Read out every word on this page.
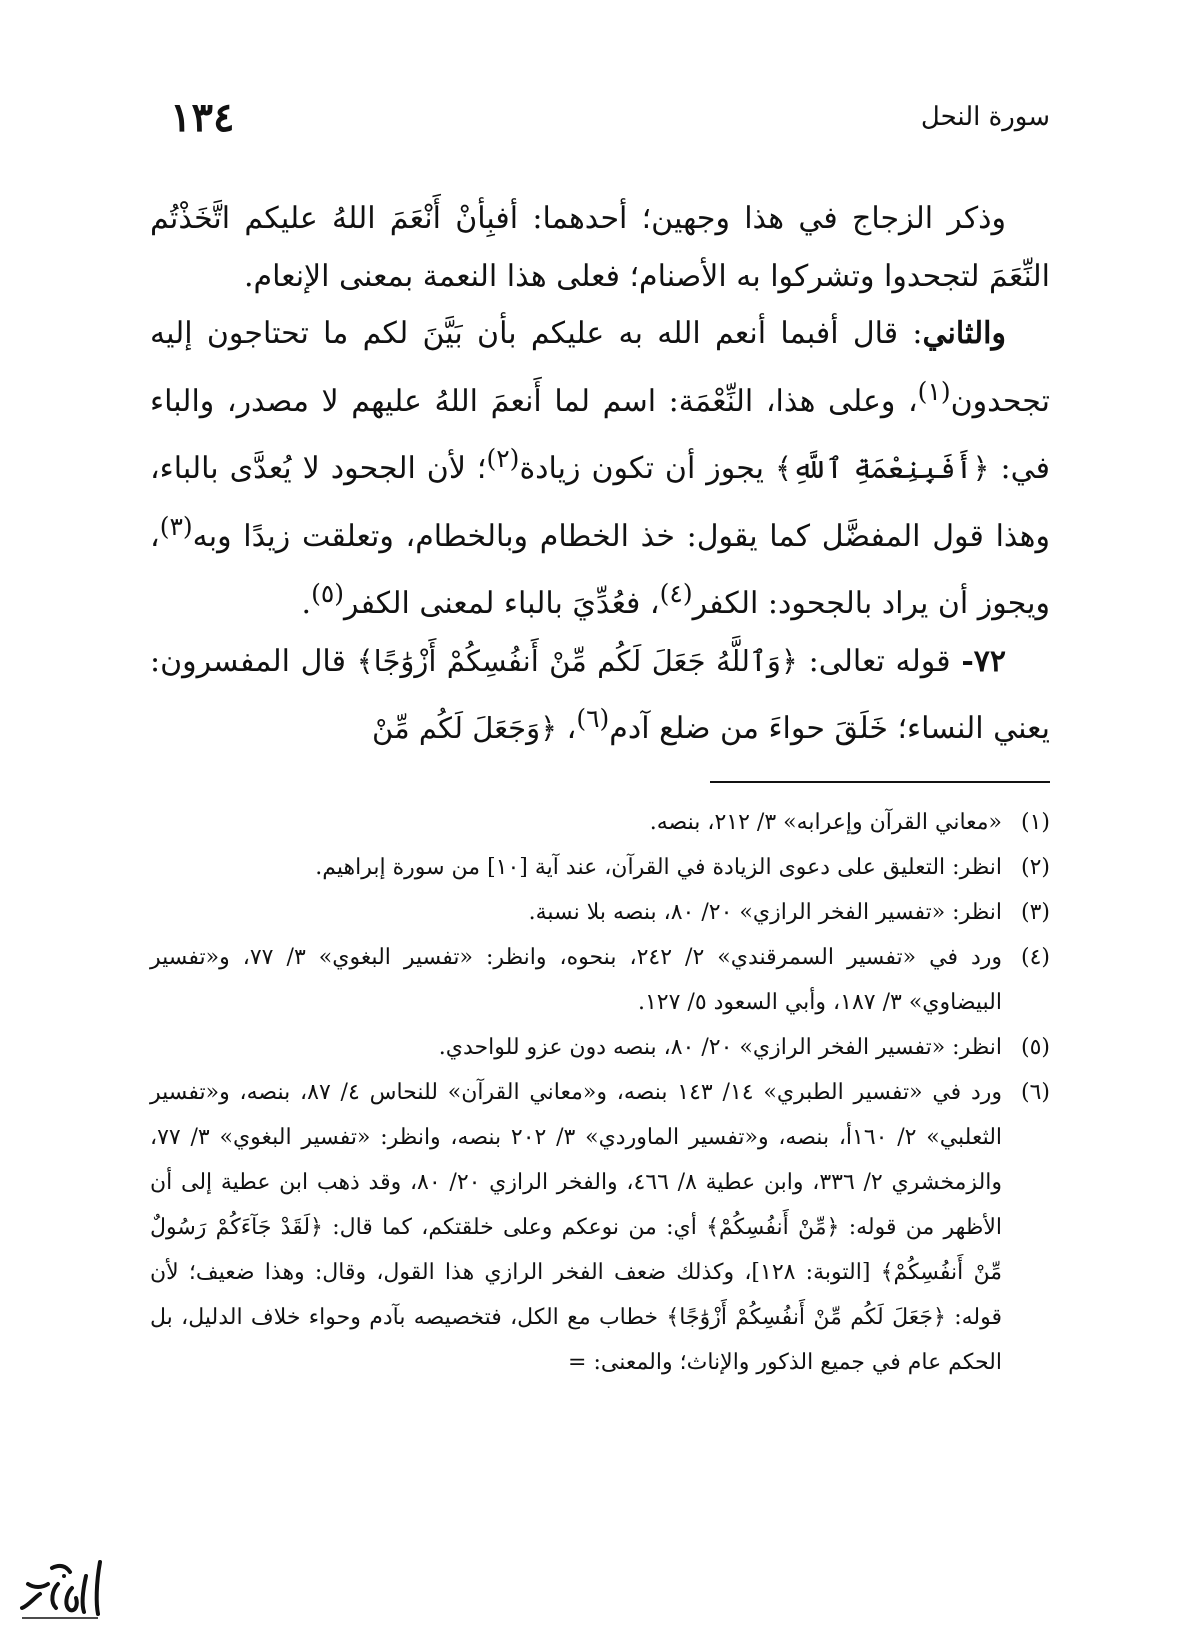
١٣٤	سورة النحل

وذكر الزجاج في هذا وجهين؛ أحدهما: أفبِأنْ أَنْعَمَ اللهُ عليكم اتَّخَذْتُم النِّعَمَ لتجحدوا وتشركوا به الأصنام؛ فعلى هذا النعمة بمعنى الإنعام.

والثاني: قال أفبما أنعم الله به عليكم بأن بَيَّنَ لكم ما تحتاجون إليه تجحدون$^{(١)}$، وعلى هذا، النِّعْمَة: اسم لما أَنعمَ اللهُ عليهم لا مصدر، والباء في: ﴿أَفَبِنِعْمَةِ ٱللَّهِ﴾ يجوز أن تكون زيادة$^{(٢)}$؛ لأن الجحود لا يُعدَّى بالباء، وهذا قول المفضَّل كما يقول: خذ الخطام وبالخطام، وتعلقت زيدًا وبه$^{(٣)}$، ويجوز أن يراد بالجحود: الكفر$^{(٤)}$، فعُدِّيَ بالباء لمعنى الكفر$^{(٥)}$.

٧٢- قوله تعالى: ﴿وَٱللَّهُ جَعَلَ لَكُم مِّنْ أَنفُسِكُمْ أَزْوَٰجًا﴾ قال المفسرون: يعني النساء؛ خَلَقَ حواءَ من ضلع آدم$^{(٦)}$، ﴿وَجَعَلَ لَكُم مِّنْ

(١)
«معاني القرآن وإعرابه» ٣/ ٢١٢، بنصه.
(٢)
انظر: التعليق على دعوى الزيادة في القرآن، عند آية [١٠] من سورة إبراهيم.
(٣)
انظر: «تفسير الفخر الرازي» ٢٠/ ٨٠، بنصه بلا نسبة.
(٤)
ورد في «تفسير السمرقندي» ٢/ ٢٤٢، بنحوه، وانظر: «تفسير البغوي» ٣/ ٧٧، و«تفسير البيضاوي» ٣/ ١٨٧، وأبي السعود ٥/ ١٢٧.
(٥)
انظر: «تفسير الفخر الرازي» ٢٠/ ٨٠، بنصه دون عزو للواحدي.
(٦)
ورد في «تفسير الطبري» ١٤/ ١٤٣ بنصه، و«معاني القرآن» للنحاس ٤/ ٨٧، بنصه، و«تفسير الثعلبي» ٢/ ١٦٠أ، بنصه، و«تفسير الماوردي» ٣/ ٢٠٢ بنصه، وانظر: «تفسير البغوي» ٣/ ٧٧، والزمخشري ٢/ ٣٣٦، وابن عطية ٨/ ٤٦٦، والفخر الرازي ٢٠/ ٨٠، وقد ذهب ابن عطية إلى أن الأظهر من قوله: ﴿مِّنْ أَنفُسِكُمْ﴾ أي: من نوعكم وعلى خلقتكم، كما قال: ﴿لَقَدْ جَآءَكُمْ رَسُولٌ مِّنْ أَنفُسِكُمْ﴾ [التوبة: ١٢٨]، وكذلك ضعف الفخر الرازي هذا القول، وقال: وهذا ضعيف؛ لأن قوله: ﴿جَعَلَ لَكُم مِّنْ أَنفُسِكُمْ أَزْوَٰجًا﴾ خطاب مع الكل، فتخصيصه بآدم وحواء خلاف الدليل، بل الحكم عام في جميع الذكور والإناث؛ والمعنى: =
